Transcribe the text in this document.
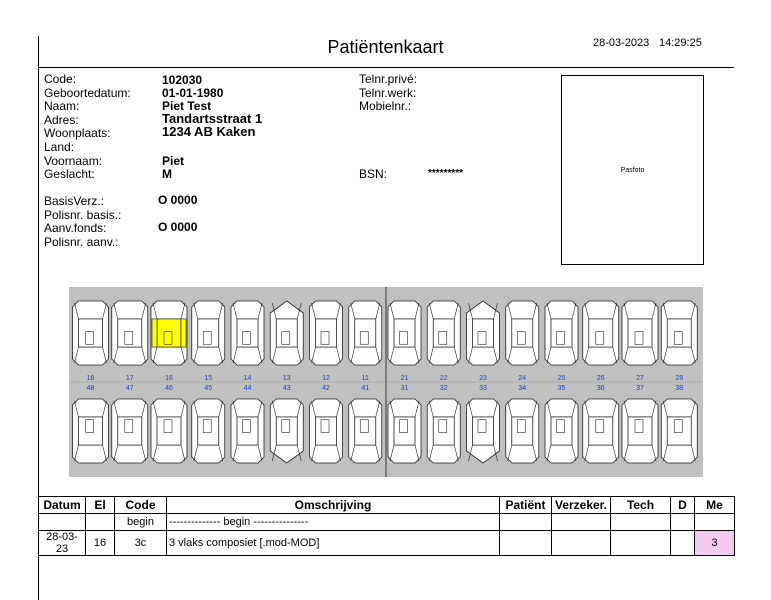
Patiëntenkaart	28-03-2023 14:29:25
Code:	102030
Geboortedatum:	01-01-1980
Naam:	Piet Test
Adres:	Tandartsstraat 1
Woonplaats:	1234 AB Kaken
Land:
Voornaam:	Piet
Geslacht:	M
BasisVerz.:	O 0000
Polisnr. basis.:
Aanv.fonds:	O 0000
Polisnr. aanv.:
Telnr.privé:
Telnr.werk:
Mobielnr.:
BSN:	*********	Pasfoto
18	17	16	15	14	13	12	11	21	22	23	24	25	26	27	28
48	47	46	45	44	43	42	41	31	32	33	34	35	36	37	38
Datum	El	Code	Omschrijving	Patiënt	Verzeker.	Tech	D	Me
		begin	-------------- begin ---------------					
28-03-23	16	3c	3 vlaks composiet [.mod-MOD]					3
